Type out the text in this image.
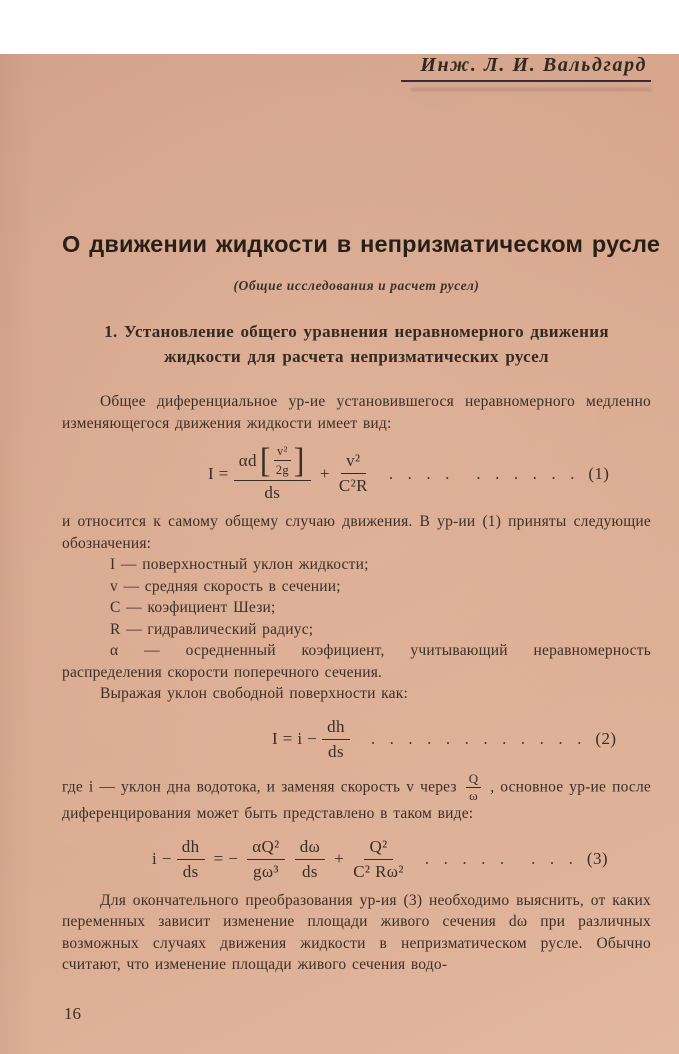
Инж. Л. И. Вальдгард
О движении жидкости в непризматическом русле
(Общие исследования и расчет русел)
1. Установление общего уравнения неравномерного движения жидкости для расчета непризматических русел

Общее диференциальное ур-ие установившегося неравномерного медленно изменяющегося движения жидкости имеет вид:

I =
αd [ $\frac{\text{v²}}{2g}$ ]
ds
+ $\frac{\text{v²}}{\text{C²R}}$ .  .  .  .    .  .  .  .  .  . (1)

и относится к самому общему случаю движения. В ур-ии (1) приняты следующие обозначения:

I — поверхностный уклон жидкости;

v — средняя скорость в сечении;

C — коэфициент Шези;

R — гидравлический радиус;

α — осредненный коэфициент, учитывающий неравномерность распределения скорости поперечного сечения.

Выражая уклон свободной поверхности как:

$I = i - \frac{dh}{ds}$ .  .  .  .  .  .  .  .  .  .  .  . (2)

где i — уклон дна водотока, и заменяя скорость v через $\frac{Q}{\omega}$ , основное ур-ие после диференцирования может быть представлено в таком виде:

$i - \frac{dh}{ds}$ = − $\frac{\text{αQ²}}{\text{gω³}} \frac{d\omega}{ds} + \frac{\text{Q²}}{\text{C² Rω²}}$ .  .  .  .  .    .  .  . (3)

Для окончательного преобразования ур-ия (3) необходимо выяснить, от каких переменных зависит изменение площади живого сечения dω при различных возможных случаях движения жидкости в непризматическом русле. Обычно считают, что изменение площади живого сечения водо-

16
